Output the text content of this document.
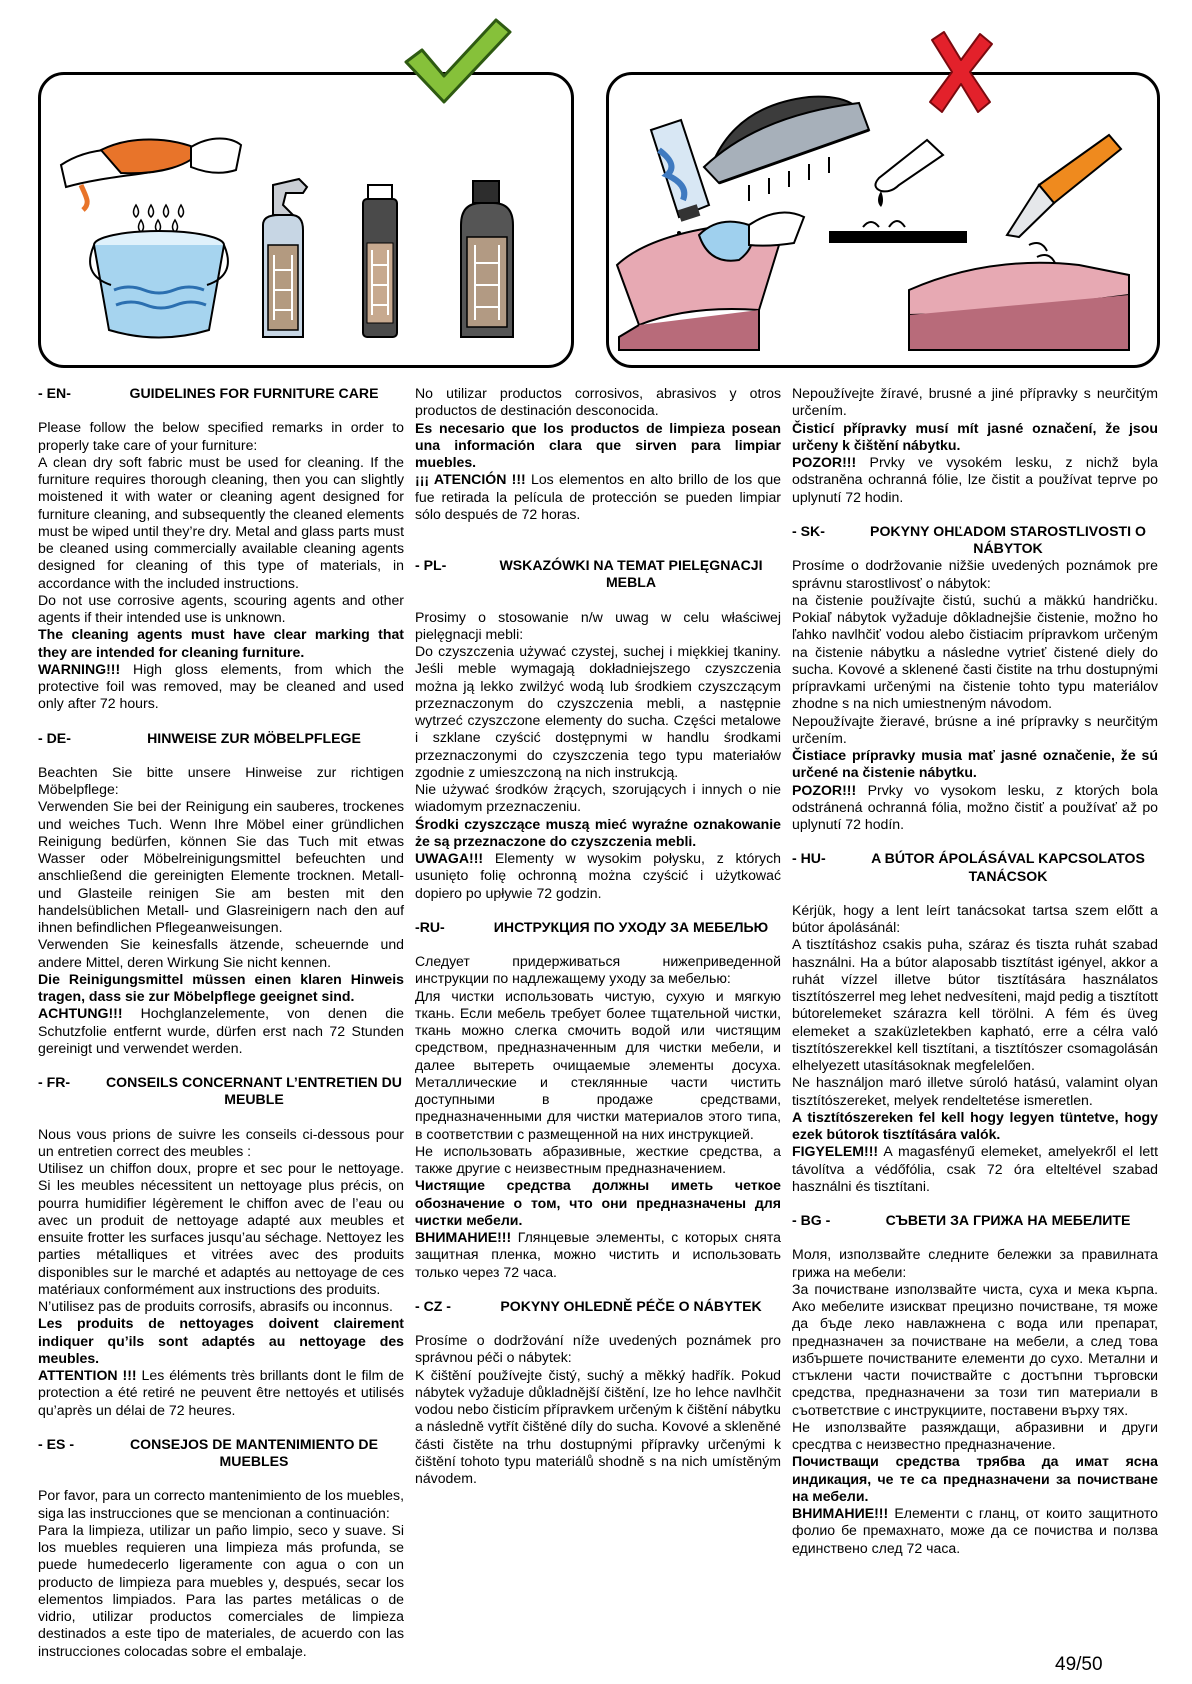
- EN-	GUIDELINES FOR FURNITURE CARE

Please follow the below specified remarks in order to properly take care of your furniture:

A clean dry soft fabric must be used for cleaning. If the furniture requires thorough cleaning, then you can slightly moistened it with water or cleaning agent designed for furniture cleaning, and subsequently the cleaned elements must be wiped until they’re dry. Metal and glass parts must be cleaned using commercially available cleaning agents designed for cleaning of this type of materials, in accordance with the included instructions.

Do not use corrosive agents, scouring agents and other agents if their intended use is unknown.

The cleaning agents must have clear marking that they are intended for cleaning furniture.

WARNING!!! High gloss elements, from which the protective foil was removed, may be cleaned and used only after 72 hours.

- DE-	HINWEISE ZUR MÖBELPFLEGE

Beachten Sie bitte unsere Hinweise zur richtigen Möbelpflege:

Verwenden Sie bei der Reinigung ein sauberes, trockenes und weiches Tuch. Wenn Ihre Möbel einer gründlichen Reinigung bedürfen, können Sie das Tuch mit etwas Wasser oder Möbelreinigungsmittel befeuchten und anschließend die gereinigten Elemente trocknen. Metall- und Glasteile reinigen Sie am besten mit den handelsüblichen Metall- und Glasreinigern nach den auf ihnen befindlichen Pflegeanweisungen.

Verwenden Sie keinesfalls ätzende, scheuernde und andere Mittel, deren Wirkung Sie nicht kennen.

Die Reinigungsmittel müssen einen klaren Hinweis tragen, dass sie zur Möbelpflege geeignet sind.

ACHTUNG!!! Hochglanzelemente, von denen die Schutzfolie entfernt wurde, dürfen erst nach 72 Stunden gereinigt und verwendet werden.

- FR-	CONSEILS CONCERNANT L’ENTRETIEN DU MEUBLE

Nous vous prions de suivre les conseils ci-dessous pour un entretien correct des meubles :

Utilisez un chiffon doux, propre et sec pour le nettoyage. Si les meubles nécessitent un nettoyage plus précis, on pourra humidifier légèrement le chiffon avec de l’eau ou avec un produit de nettoyage adapté aux meubles et ensuite frotter les surfaces jusqu’au séchage. Nettoyez les parties métalliques et vitrées avec des produits disponibles sur le marché et adaptés au nettoyage de ces matériaux conformément aux instructions des produits.

N’utilisez pas de produits corrosifs, abrasifs ou inconnus.

Les produits de nettoyages doivent clairement indiquer qu’ils sont adaptés au nettoyage des meubles.

ATTENTION !!! Les éléments très brillants dont le film de protection a été retiré ne peuvent être nettoyés et utilisés qu’après un délai de 72 heures.

- ES -	CONSEJOS DE MANTENIMIENTO DE MUEBLES

Por favor, para un correcto mantenimiento de los muebles, siga las instrucciones que se mencionan a continuación:

Para la limpieza, utilizar un paño limpio, seco y suave. Si los muebles requieren una limpieza más profunda, se puede humedecerlo ligeramente con agua o con un producto de limpieza para muebles y, después, secar los elementos limpiados. Para las partes metálicas o de vidrio, utilizar productos comerciales de limpieza destinados a este tipo de materiales, de acuerdo con las instrucciones colocadas sobre el embalaje.

No utilizar productos corrosivos, abrasivos y otros productos de destinación desconocida.

Es necesario que los productos de limpieza posean una información clara que sirven para limpiar muebles.

¡¡¡ ATENCIÓN !!! Los elementos en alto brillo de los que fue retirada la película de protección se pueden limpiar sólo después de 72 horas.

- PL-	WSKAZÓWKI NA TEMAT PIELĘGNACJI MEBLA

Prosimy o stosowanie n/w uwag w celu właściwej pielęgnacji mebli:

Do czyszczenia używać czystej, suchej i miękkiej tkaniny. Jeśli meble wymagają dokładniejszego czyszczenia można ją lekko zwilżyć wodą lub środkiem czyszczącym przeznaczonym do czyszczenia mebli, a następnie wytrzeć czyszczone elementy do sucha. Części metalowe i szklane czyścić dostępnymi w handlu środkami przeznaczonymi do czyszczenia tego typu materiałów zgodnie z umieszczoną na nich instrukcją.

Nie używać środków żrących, szorujących i innych o nie wiadomym przeznaczeniu.

Środki czyszczące muszą mieć wyraźne oznakowanie że są przeznaczone do czyszczenia mebli.

UWAGA!!! Elementy w wysokim połysku, z których usunięto folię ochronną można czyścić i użytkować dopiero po upływie 72 godzin.

-RU-	ИНСТРУКЦИЯ ПО УХОДУ ЗА МЕБЕЛЬЮ

Следует придерживаться нижеприведенной инструкции по надлежащему уходу за мебелью:

Для чистки использовать чистую, сухую и мягкую ткань. Если мебель требует более тщательной чистки, ткань можно слегка смочить водой или чистящим средством, предназначенным для чистки мебели, и далее вытереть очищаемые элементы досуха. Металлические и стеклянные части чистить доступными в продаже средствами, предназначенными для чистки материалов этого типа, в соответствии с размещенной на них инструкцией.

Не использовать абразивные, жесткие средства, а также другие с неизвестным предназначением.

Чистящие средства должны иметь четкое обозначение о том, что они предназначены для чистки мебели.

ВНИМАНИЕ!!! Глянцевые элементы, с которых снята защитная пленка, можно чистить и использовать только через 72 часа.

- CZ -	POKYNY OHLEDNĚ PÉČE O NÁBYTEK

Prosíme o dodržování níže uvedených poznámek pro správnou péči o nábytek:

K čištění používejte čistý, suchý a měkký hadřík. Pokud nábytek vyžaduje důkladnější čištění, lze ho lehce navlhčit vodou nebo čisticím přípravkem určeným k čištění nábytku a následně vytřít čištěné díly do sucha. Kovové a skleněné části čistěte na trhu dostupnými přípravky určenými k čištění tohoto typu materiálů shodně s na nich umístěným návodem.

Nepoužívejte žíravé, brusné a jiné přípravky s neurčitým určením.

Čisticí přípravky musí mít jasné označení, že jsou určeny k čištění nábytku.

POZOR!!! Prvky ve vysokém lesku, z nichž byla odstraněna ochranná fólie, lze čistit a používat teprve po uplynutí 72 hodin.

- SK-	POKYNY OHĽADOM STAROSTLIVOSTI O NÁBYTOK

Prosíme o dodržovanie nižšie uvedených poznámok pre správnu starostlivosť o nábytok:

na čistenie používajte čistú, suchú a mäkkú handričku. Pokiaľ nábytok vyžaduje dôkladnejšie čistenie, možno ho ľahko navlhčiť vodou alebo čistiacim prípravkom určeným na čistenie nábytku a následne vytrieť čistené diely do sucha. Kovové a sklenené časti čistite na trhu dostupnými prípravkami určenými na čistenie tohto typu materiálov zhodne s na nich umiestneným návodom.

Nepoužívajte žieravé, brúsne a iné prípravky s neurčitým určením.

Čistiace prípravky musia mať jasné označenie, že sú určené na čistenie nábytku.

POZOR!!! Prvky vo vysokom lesku, z ktorých bola odstránená ochranná fólia, možno čistiť a používať až po uplynutí 72 hodín.

- HU-	A BÚTOR ÁPOLÁSÁVAL KAPCSOLATOS TANÁCSOK

Kérjük, hogy a lent leírt tanácsokat tartsa szem előtt a bútor ápolásánál:

A tisztításhoz csakis puha, száraz és tiszta ruhát szabad használni. Ha a bútor alaposabb tisztítást igényel, akkor a ruhát vízzel illetve bútor tisztítására használatos tisztítószerrel meg lehet nedvesíteni, majd pedig a tisztított bútorelemeket szárazra kell törölni. A fém és üveg elemeket a szaküzletekben kapható, erre a célra való tisztítószerekkel kell tisztítani, a tisztítószer csomagolásán elhelyezett utasításoknak megfelelően.

Ne használjon maró illetve súroló hatású, valamint olyan tisztítószereket, melyek rendeltetése ismeretlen.

A tisztítószereken fel kell hogy legyen tüntetve, hogy ezek bútorok tisztítására valók.

FIGYELEM!!! A magasfényű elemeket, amelyekről el lett távolítva a védőfólia, csak 72 óra elteltével szabad használni és tisztítani.

- BG -	СЪВЕТИ ЗА ГРИЖА НА МЕБЕЛИТЕ

Моля, използвайте следните бележки за правилната грижа на мебели:

За почистване използвайте чиста, суха и мека кърпа. Ако мебелите изискват прецизно почистване, тя може да бъде леко навлажнена с вода или препарат, предназначен за почистване на мебели, а след това избършете почистваните елементи до сухо. Метални и стъклени части почиствайте с достъпни търговски средства, предназначени за този тип материали в съответствие с инструкциите, поставени върху тях.

Не използвайте разяждащи, абразивни и други сресдтва с неизвестно предназначение.

Почистващи средства трябва да имат ясна индикация, че те са предназначени за почистване на мебели.

ВНИМАНИЕ!!! Елементи с гланц, от които защитното фолио бе премахнато, може да се почиства и ползва единствено след 72 часа.

49/50
